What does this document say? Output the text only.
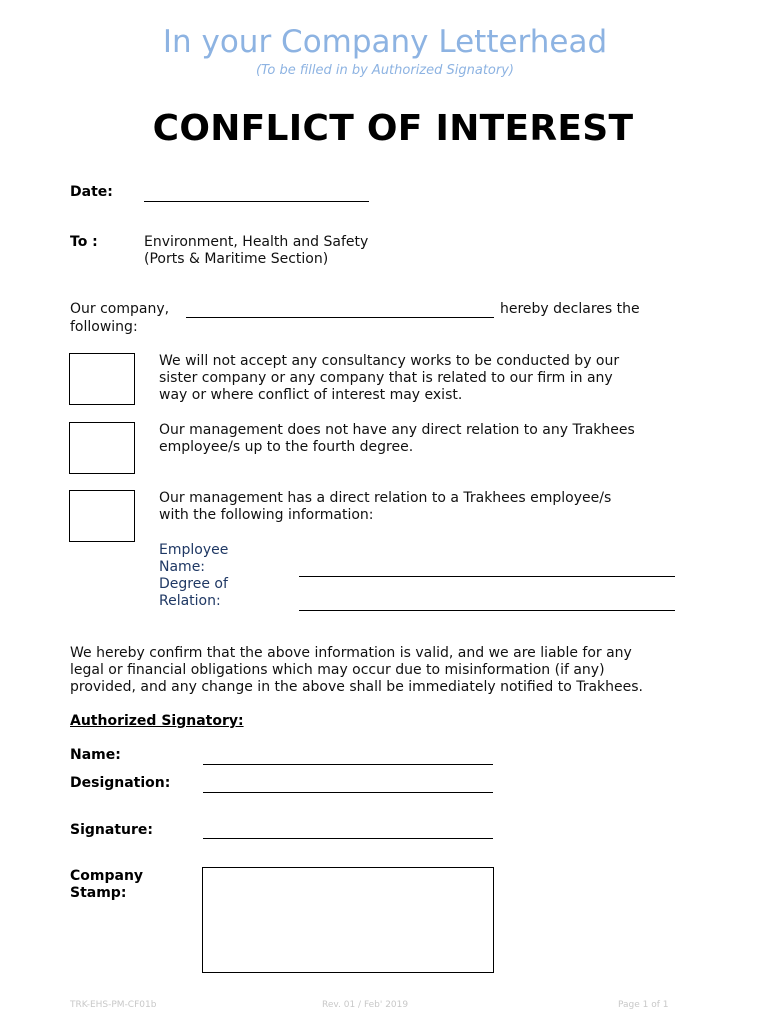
In your Company Letterhead
(To be filled in by Authorized Signatory)
CONFLICT OF INTEREST
Date:
To :	Environment, Health and Safety
(Ports & Maritime Section)
Our company,	hereby declares the
following:
We will not accept any consultancy works to be conducted by our
sister company or any company that is related to our firm in any
way or where conflict of interest may exist.
Our management does not have any direct relation to any Trakhees
employee/s up to the fourth degree.
Our management has a direct relation to a Trakhees employee/s
with the following information:
Employee Name:
Degree of Relation:
We hereby confirm that the above information is valid, and we are liable for any
legal or financial obligations which may occur due to misinformation (if any)
provided, and any change in the above shall be immediately notified to Trakhees.
Authorized Signatory:
Name:
Designation:
Signature:
Company Stamp:
TRK-EHS-PM-CF01b	Rev. 01 / Feb' 2019	Page 1 of 1
